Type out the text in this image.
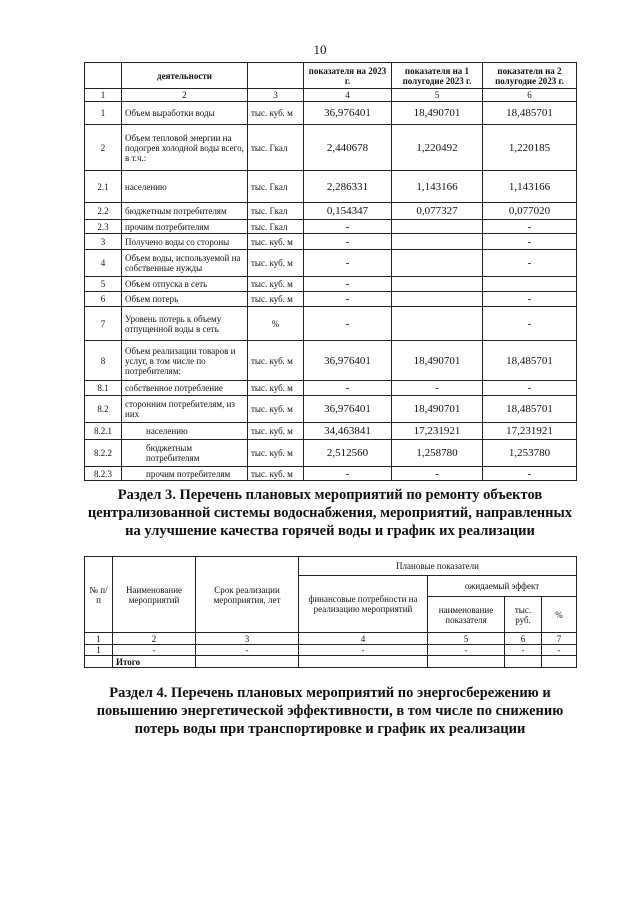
10
	деятельности		показателя на 2023 г.	показателя на 1 полугодие 2023 г.	показателя на 2 полугодие 2023 г.
1	2	3	4	5	6
1	Объем выработки воды	тыс. куб. м	36,976401	18,490701	18,485701
2	Объем тепловой энергии на подогрев холодной воды всего, в т.ч.:	тыс. Гкал	2,440678	1,220492	1,220185
2.1	населению	тыс. Гкал	2,286331	1,143166	1,143166
2.2	бюджетным потребителям	тыс. Гкал	0,154347	0,077327	0,077020
2.3	прочим потребителям	тыс. Гкал	-		-
3	Получено воды со стороны	тыс. куб. м	-		-
4	Объем воды, используемой на собственные нужды	тыс. куб. м	-		-
5	Объем отпуска в сеть	тыс. куб. м	-		
6	Объем потерь	тыс. куб. м	-		-
7	Уровень потерь к объему отпущенной воды в сеть	%	-		-
8	Объем реализации товаров и услуг, в том числе по потребителям:	тыс. куб. м	36,976401	18,490701	18,485701
8.1	собственное потребление	тыс. куб. м	-	-	-
8.2	сторонним потребителям, из них	тыс. куб. м	36,976401	18,490701	18,485701
8.2.1	населению	тыс. куб. м	34,463841	17,231921	17,231921
8.2.2	бюджетным потребителям	тыс. куб. м	2,512560	1,258780	1,253780
8.2.3	прочим потребителям	тыс. куб. м	-	-	-
Раздел 3. Перечень плановых мероприятий по ремонту объектов централизованной системы водоснабжения, мероприятий, направленных на улучшение качества горячей воды и график их реализации
№ п/п	Наименование мероприятий	Срок реализации мероприятия, лет	Плановые показатели			
			финансовые потребности на реализацию мероприятий	ожидаемый эффект		
				наименование показателя	тыс. руб.	%
1	2	3	4	5	6	7
1	-	-	-	-	-	-
	Итого					
Раздел 4. Перечень плановых мероприятий по энергосбережению и повышению энергетической эффективности, в том числе по снижению потерь воды при транспортировке и график их реализации
